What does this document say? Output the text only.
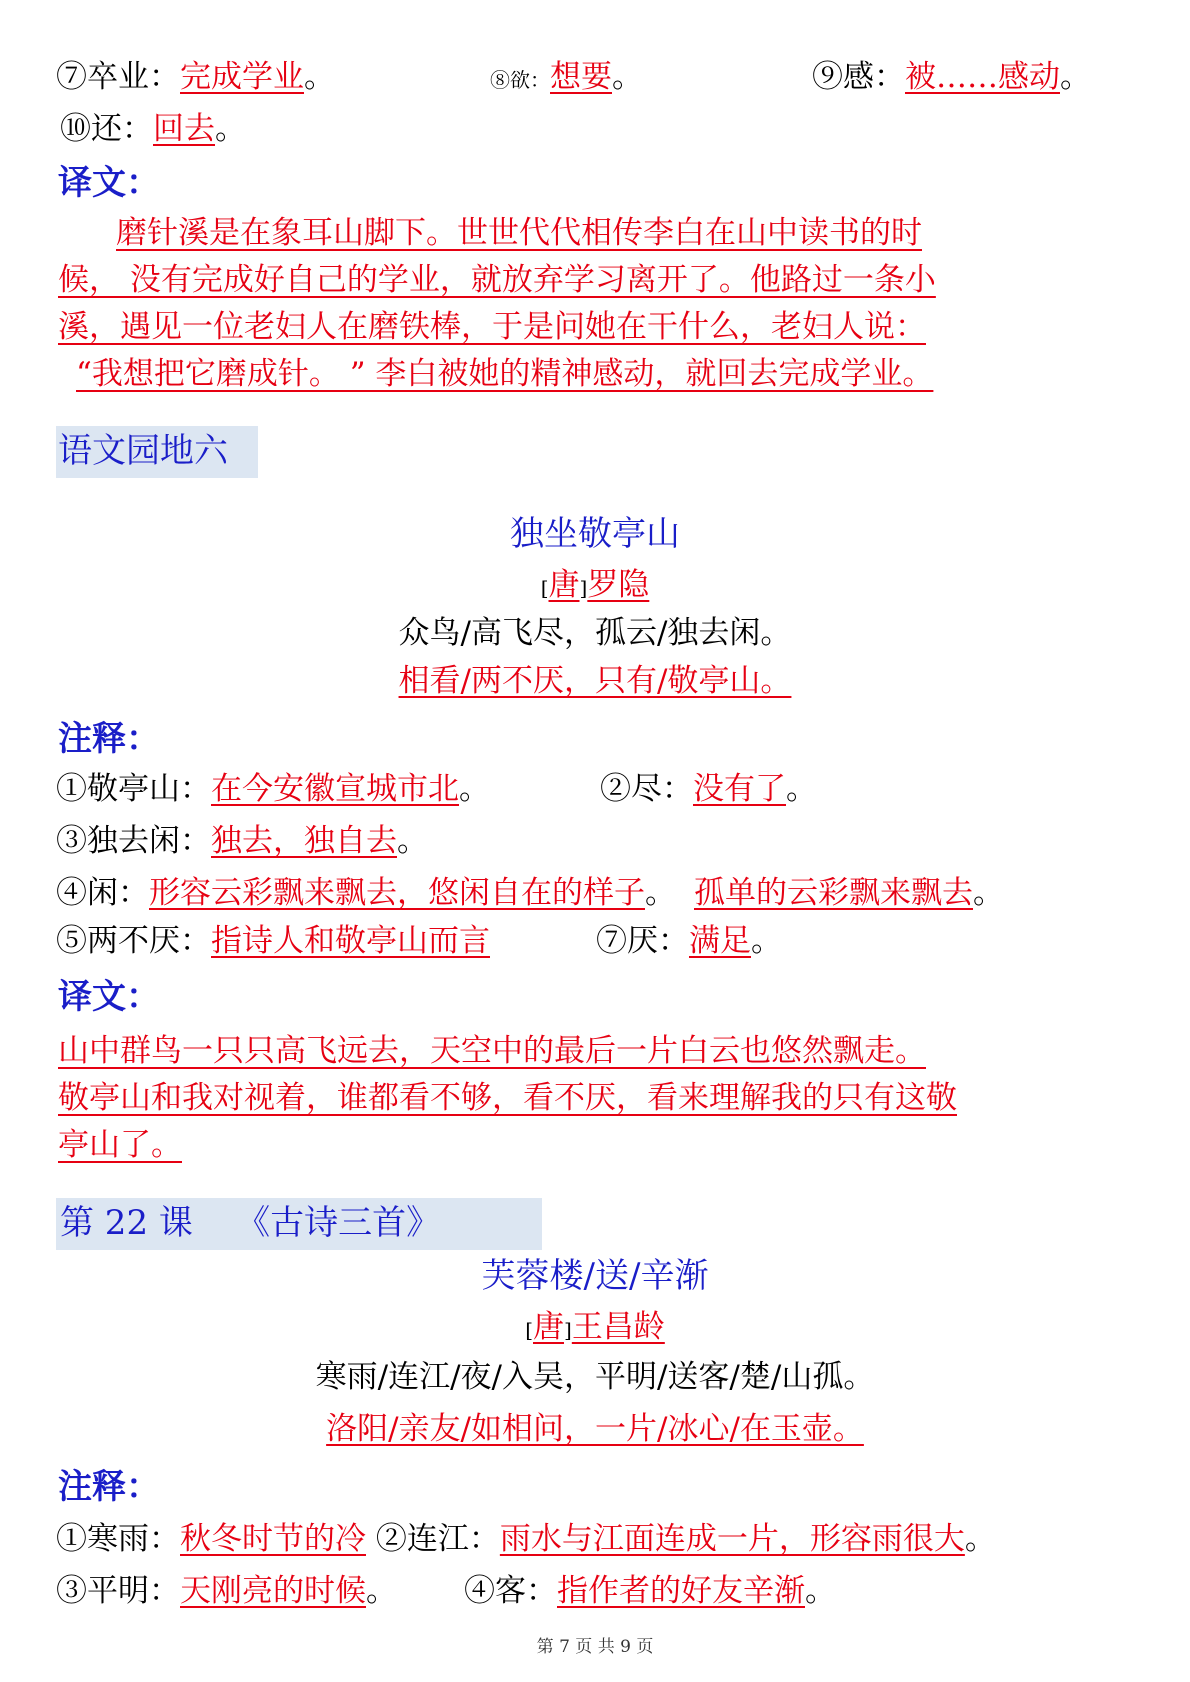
⑦卒业：完成学业。	⑧欲：想要。	⑨感：被……感动。
⑩还：回去。
译文：
磨针溪是在象耳山脚下。世世代代相传李白在山中读书的时
候， 没有完成好自己的学业，就放弃学习离开了。他路过一条小
溪，遇见一位老妇人在磨铁棒，于是问她在干什么，老妇人说：
“我想把它磨成针。 ” 李白被她的精神感动，就回去完成学业。
语文园地六
独坐敬亭山
[唐]罗隐
众鸟/高飞尽，孤云/独去闲。
相看/两不厌，只有/敬亭山。
注释：
①敬亭山：在今安徽宣城市北。	②尽：没有了。
③独去闲：独去，独自去。
④闲：形容云彩飘来飘去，悠闲自在的样子。 孤单的云彩飘来飘去。
⑤两不厌：指诗人和敬亭山而言	⑦厌：满足。
译文：
山中群鸟一只只高飞远去，天空中的最后一片白云也悠然飘走。
敬亭山和我对视着，谁都看不够，看不厌，看来理解我的只有这敬
亭山了。
第 22 课    《古诗三首》
芙蓉楼/送/辛渐
[唐]王昌龄
寒雨/连江/夜/入吴，平明/送客/楚/山孤。
洛阳/亲友/如相问，一片/冰心/在玉壶。
注释：
①寒雨：秋冬时节的冷 ②连江：雨水与江面连成一片，形容雨很大。
③平明：天刚亮的时候。 ④客：指作者的好友辛渐。
第 7 页 共 9 页
